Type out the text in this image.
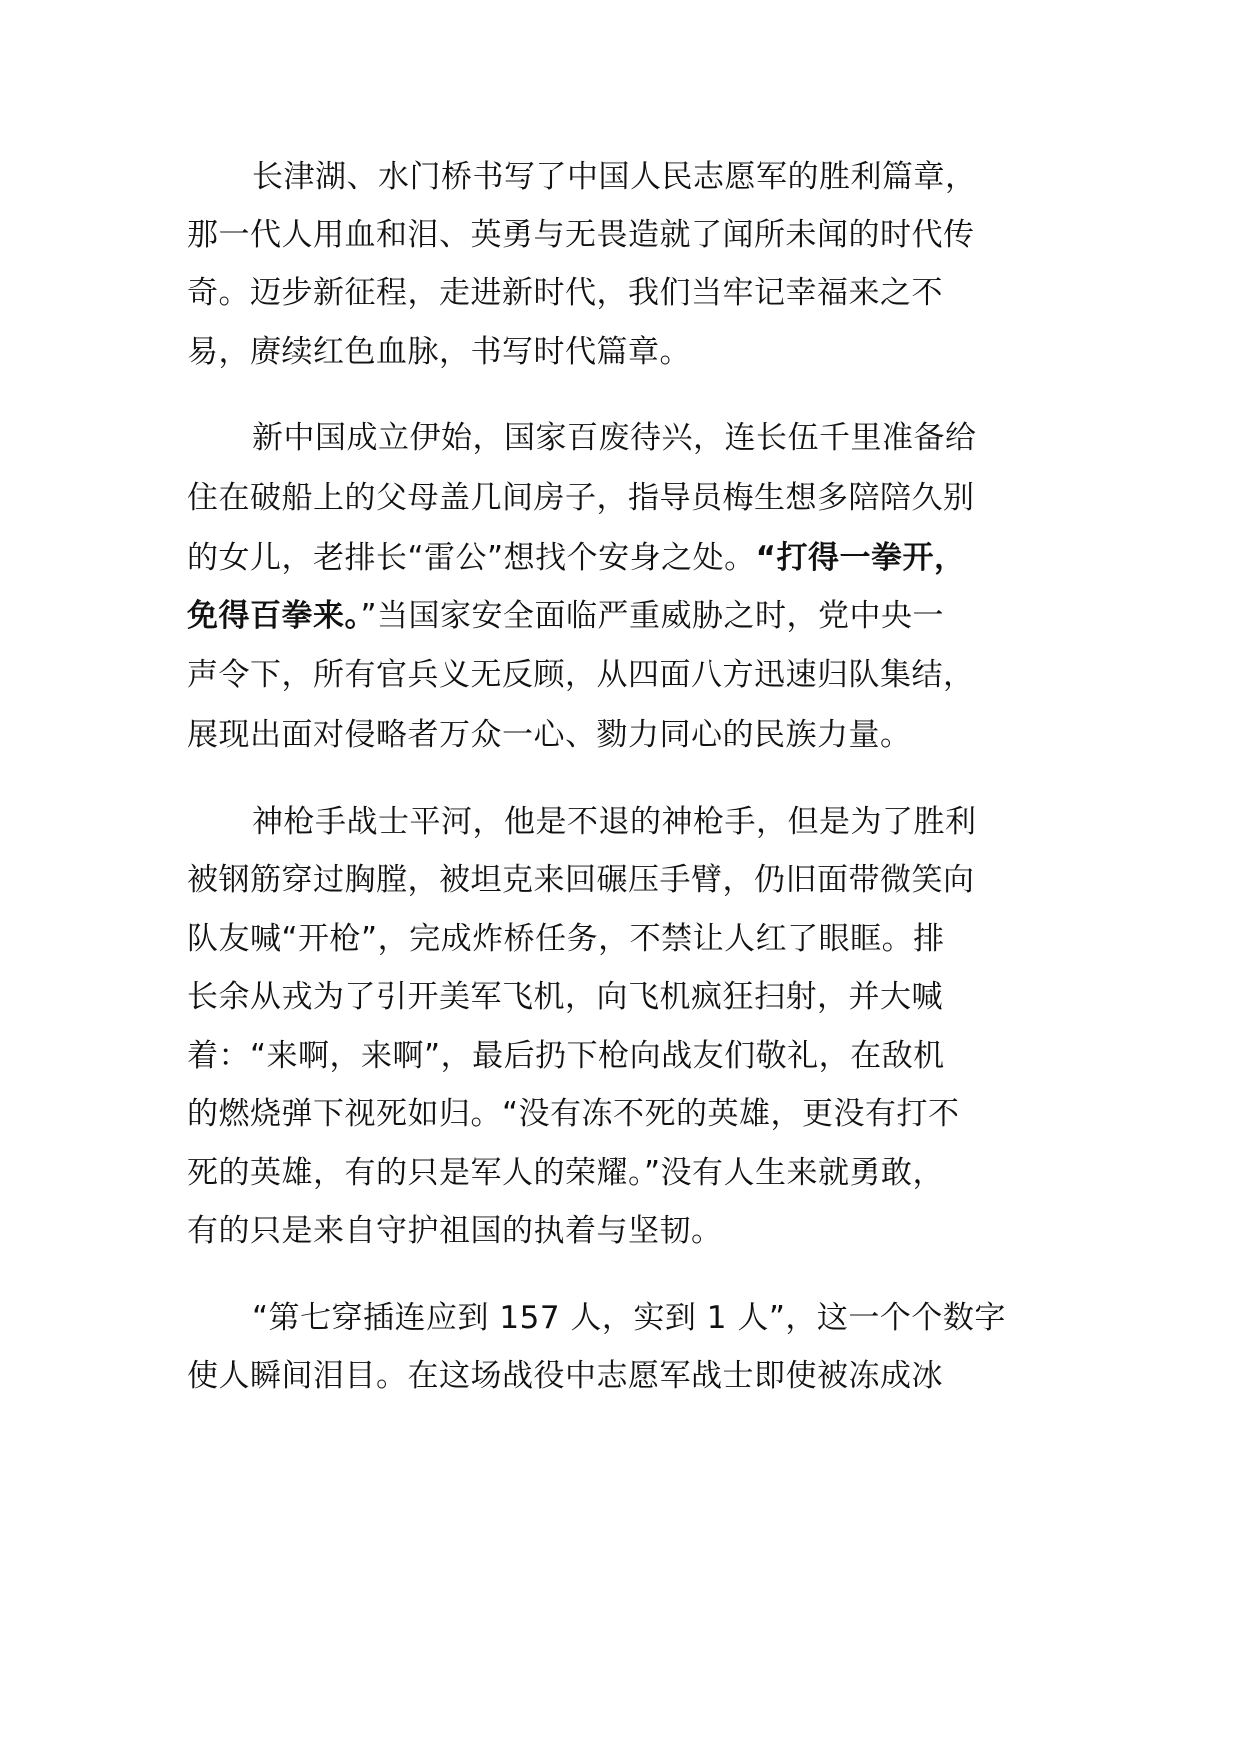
长津湖、水门桥书写了中国人民志愿军的胜利篇章，
那一代人用血和泪、英勇与无畏造就了闻所未闻的时代传
奇。迈步新征程，走进新时代，我们当牢记幸福来之不
易，赓续红色血脉，书写时代篇章。
新中国成立伊始，国家百废待兴，连长伍千里准备给
住在破船上的父母盖几间房子，指导员梅生想多陪陪久别
的女儿，老排长“雷公”想找个安身之处。“打得一拳开，
免得百拳来。”当国家安全面临严重威胁之时，党中央一
声令下，所有官兵义无反顾，从四面八方迅速归队集结，
展现出面对侵略者万众一心、勠力同心的民族力量。
神枪手战士平河，他是不退的神枪手，但是为了胜利
被钢筋穿过胸膛，被坦克来回碾压手臂，仍旧面带微笑向
队友喊“开枪”，完成炸桥任务，不禁让人红了眼眶。排
长余从戎为了引开美军飞机，向飞机疯狂扫射，并大喊
着：“来啊，来啊”，最后扔下枪向战友们敬礼，在敌机
的燃烧弹下视死如归。“没有冻不死的英雄，更没有打不
死的英雄，有的只是军人的荣耀。”没有人生来就勇敢，
有的只是来自守护祖国的执着与坚韧。
“第七穿插连应到 157 人，实到 1 人”，这一个个数字
使人瞬间泪目。在这场战役中志愿军战士即使被冻成冰
